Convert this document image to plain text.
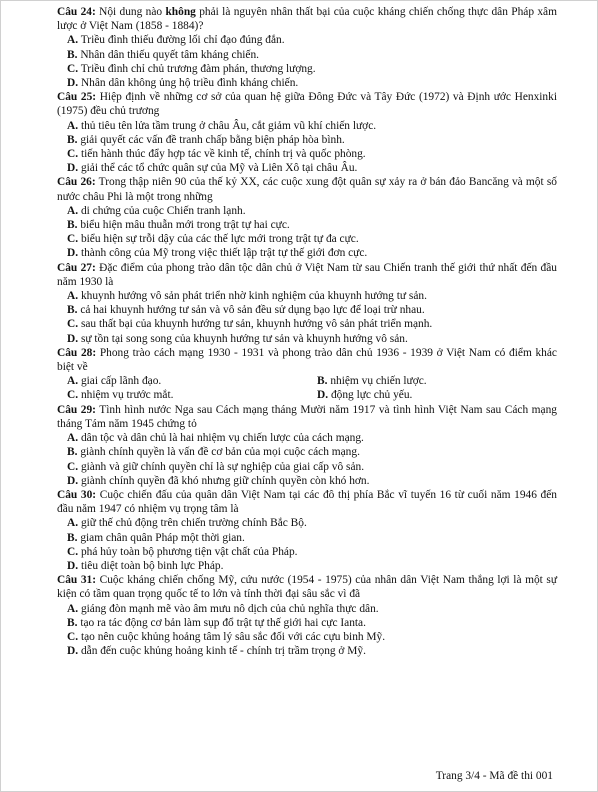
Câu 24: Nội dung nào không phải là nguyên nhân thất bại của cuộc kháng chiến chống thực dân Pháp xâm lược ở Việt Nam (1858 - 1884)?
A. Triều đình thiếu đường lối chỉ đạo đúng đắn.
B. Nhân dân thiếu quyết tâm kháng chiến.
C. Triều đình chỉ chủ trương đàm phán, thương lượng.
D. Nhân dân không ủng hộ triều đình kháng chiến.
Câu 25: Hiệp định về những cơ sở của quan hệ giữa Đông Đức và Tây Đức (1972) và Định ước Henxinki (1975) đều chủ trương
A. thủ tiêu tên lửa tầm trung ở châu Âu, cắt giảm vũ khí chiến lược.
B. giải quyết các vấn đề tranh chấp bằng biện pháp hòa bình.
C. tiến hành thúc đẩy hợp tác về kinh tế, chính trị và quốc phòng.
D. giải thể các tổ chức quân sự của Mỹ và Liên Xô tại châu Âu.
Câu 26: Trong thập niên 90 của thế kỷ XX, các cuộc xung đột quân sự xảy ra ở bán đảo Bancăng và một số nước châu Phi là một trong những
A. di chứng của cuộc Chiến tranh lạnh.
B. biểu hiện mâu thuẫn mới trong trật tự hai cực.
C. biểu hiện sự trỗi dậy của các thế lực mới trong trật tự đa cực.
D. thành công của Mỹ trong việc thiết lập trật tự thế giới đơn cực.
Câu 27: Đặc điểm của phong trào dân tộc dân chủ ở Việt Nam từ sau Chiến tranh thế giới thứ nhất đến đầu năm 1930 là
A. khuynh hướng vô sản phát triển nhờ kinh nghiệm của khuynh hướng tư sản.
B. cả hai khuynh hướng tư sản và vô sản đều sử dụng bạo lực để loại trừ nhau.
C. sau thất bại của khuynh hướng tư sản, khuynh hướng vô sản phát triển mạnh.
D. sự tồn tại song song của khuynh hướng tư sản và khuynh hướng vô sản.
Câu 28: Phong trào cách mạng 1930 - 1931 và phong trào dân chủ 1936 - 1939 ở Việt Nam có điểm khác biệt về
A. giai cấp lãnh đạo.	B. nhiệm vụ chiến lược.
C. nhiệm vụ trước mắt.	D. động lực chủ yếu.
Câu 29: Tình hình nước Nga sau Cách mạng tháng Mười năm 1917 và tình hình Việt Nam sau Cách mạng tháng Tám năm 1945 chứng tỏ
A. dân tộc và dân chủ là hai nhiệm vụ chiến lược của cách mạng.
B. giành chính quyền là vấn đề cơ bản của mọi cuộc cách mạng.
C. giành và giữ chính quyền chỉ là sự nghiệp của giai cấp vô sản.
D. giành chính quyền đã khó nhưng giữ chính quyền còn khó hơn.
Câu 30: Cuộc chiến đấu của quân dân Việt Nam tại các đô thị phía Bắc vĩ tuyến 16 từ cuối năm 1946 đến đầu năm 1947 có nhiệm vụ trọng tâm là
A. giữ thế chủ động trên chiến trường chính Bắc Bộ.
B. giam chân quân Pháp một thời gian.
C. phá hủy toàn bộ phương tiện vật chất của Pháp.
D. tiêu diệt toàn bộ binh lực Pháp.
Câu 31: Cuộc kháng chiến chống Mỹ, cứu nước (1954 - 1975) của nhân dân Việt Nam thắng lợi là một sự kiện có tầm quan trọng quốc tế to lớn và tính thời đại sâu sắc vì đã
A. giáng đòn mạnh mẽ vào âm mưu nô dịch của chủ nghĩa thực dân.
B. tạo ra tác động cơ bản làm sụp đổ trật tự thế giới hai cực Ianta.
C. tạo nên cuộc khủng hoảng tâm lý sâu sắc đối với các cựu binh Mỹ.
D. dẫn đến cuộc khủng hoảng kinh tế - chính trị trầm trọng ở Mỹ.
Trang 3/4 - Mã đề thi 001
